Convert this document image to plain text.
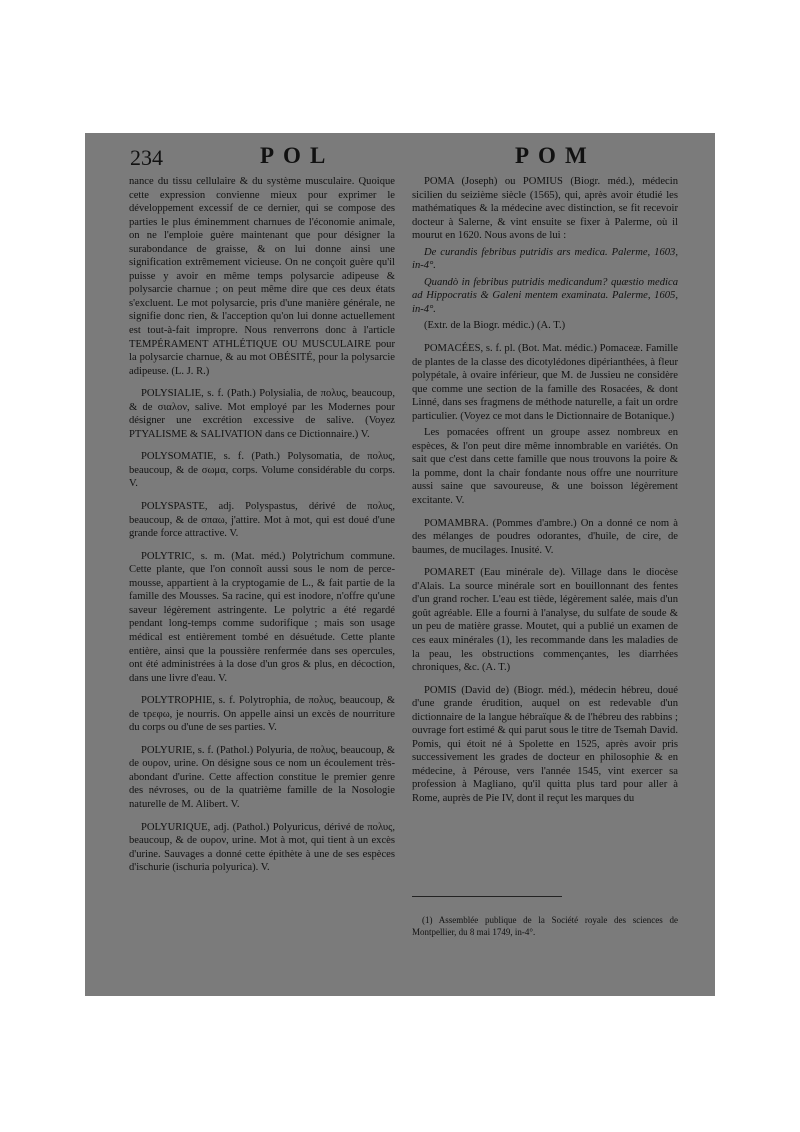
234	POL	POM

nance du tissu cellulaire & du système musculaire. Quoique cette expression convienne mieux pour exprimer le développement excessif de ce dernier, qui se compose des parties le plus éminemment charnues de l'économie animale, on ne l'emploie guère maintenant que pour désigner la surabondance de graisse, & on lui donne ainsi une signification extrêmement vicieuse. On ne conçoit guère qu'il puisse y avoir en même temps polysarcie adipeuse & polysarcie charnue ; on peut même dire que ces deux états s'excluent. Le mot polysarcie, pris d'une manière générale, ne signifie donc rien, & l'acception qu'on lui donne actuellement est tout-à-fait impropre. Nous renverrons donc à l'article TEMPÉRAMENT ATHLÉTIQUE OU MUSCULAIRE pour la polysarcie charnue, & au mot OBÉSITÉ, pour la polysarcie adipeuse. (L. J. R.)

POLYSIALIE, s. f. (Path.) Polysialia, de πολυς, beaucoup, & de σιαλον, salive. Mot employé par les Modernes pour désigner une excrétion excessive de salive. (Voyez PTYALISME & SALIVATION dans ce Dictionnaire.) V.

POLYSOMATIE, s. f. (Path.) Polysomatia, de πολυς, beaucoup, & de σωμα, corps. Volume considérable du corps. V.

POLYSPASTE, adj. Polyspastus, dérivé de πολυς, beaucoup, & de σπαω, j'attire. Mot à mot, qui est doué d'une grande force attractive. V.

POLYTRIC, s. m. (Mat. méd.) Polytrichum commune. Cette plante, que l'on connoît aussi sous le nom de perce-mousse, appartient à la cryptogamie de L., & fait partie de la famille des Mousses. Sa racine, qui est inodore, n'offre qu'une saveur légèrement astringente. Le polytric a été regardé pendant long-temps comme sudorifique ; mais son usage médical est entièrement tombé en désuétude. Cette plante entière, ainsi que la poussière renfermée dans ses opercules, ont été administrées à la dose d'un gros & plus, en décoction, dans une livre d'eau. V.

POLYTROPHIE, s. f. Polytrophia, de πολυς, beaucoup, & de τρεφω, je nourris. On appelle ainsi un excès de nourriture du corps ou d'une de ses parties. V.

POLYURIE, s. f. (Pathol.) Polyuria, de πολυς, beaucoup, & de ουρον, urine. On désigne sous ce nom un écoulement très-abondant d'urine. Cette affection constitue le premier genre des névroses, ou de la quatrième famille de la Nosologie naturelle de M. Alibert. V.

POLYURIQUE, adj. (Pathol.) Polyuricus, dérivé de πολυς, beaucoup, & de ουρον, urine. Mot à mot, qui tient à un excès d'urine. Sauvages a donné cette épithète à une de ses espèces d'ischurie (ischuria polyurica). V.

POMA (Joseph) ou POMIUS (Biogr. méd.), médecin sicilien du seizième siècle (1565), qui, après avoir étudié les mathématiques & la médecine avec distinction, se fit recevoir docteur à Salerne, & vint ensuite se fixer à Palerme, où il mourut en 1620. Nous avons de lui :

De curandis febribus putridis ars medica. Palerme, 1603, in-4°.

Quandò in febribus putridis medicandum? quæstio medica ad Hippocratis & Galeni mentem examinata. Palerme, 1605, in-4°.

(Extr. de la Biogr. médic.) (A. T.)

POMACÉES, s. f. pl. (Bot. Mat. médic.) Pomaceæ. Famille de plantes de la classe des dicotylédones dipérianthées, à fleur polypétale, à ovaire inférieur, que M. de Jussieu ne considère que comme une section de la famille des Rosacées, & dont Linné, dans ses fragmens de méthode naturelle, a fait un ordre particulier. (Voyez ce mot dans le Dictionnaire de Botanique.)

Les pomacées offrent un groupe assez nombreux en espèces, & l'on peut dire même innombrable en variétés. On sait que c'est dans cette famille que nous trouvons la poire & la pomme, dont la chair fondante nous offre une nourriture aussi saine que savoureuse, & une boisson légèrement excitante. V.

POMAMBRA. (Pommes d'ambre.) On a donné ce nom à des mélanges de poudres odorantes, d'huile, de cire, de baumes, de mucilages. Inusité. V.

POMARET (Eau minérale de). Village dans le diocèse d'Alais. La source minérale sort en bouillonnant des fentes d'un grand rocher. L'eau est tiède, légèrement salée, mais d'un goût agréable. Elle a fourni à l'analyse, du sulfate de soude & un peu de matière grasse. Moutet, qui a publié un examen de ces eaux minérales (1), les recommande dans les maladies de la peau, les obstructions commençantes, les diarrhées chroniques, &c. (A. T.)

POMIS (David de) (Biogr. méd.), médecin hébreu, doué d'une grande érudition, auquel on est redevable d'un dictionnaire de la langue hébraïque & de l'hébreu des rabbins ; ouvrage fort estimé & qui parut sous le titre de Tsemah David. Pomis, qui étoit né à Spolette en 1525, après avoir pris successivement les grades de docteur en philosophie & en médecine, à Pérouse, vers l'année 1545, vint exercer sa profession à Magliano, qu'il quitta plus tard pour aller à Rome, auprès de Pie IV, dont il reçut les marques du

(1) Assemblée publique de la Société royale des sciences de Montpellier, du 8 mai 1749, in-4°.
